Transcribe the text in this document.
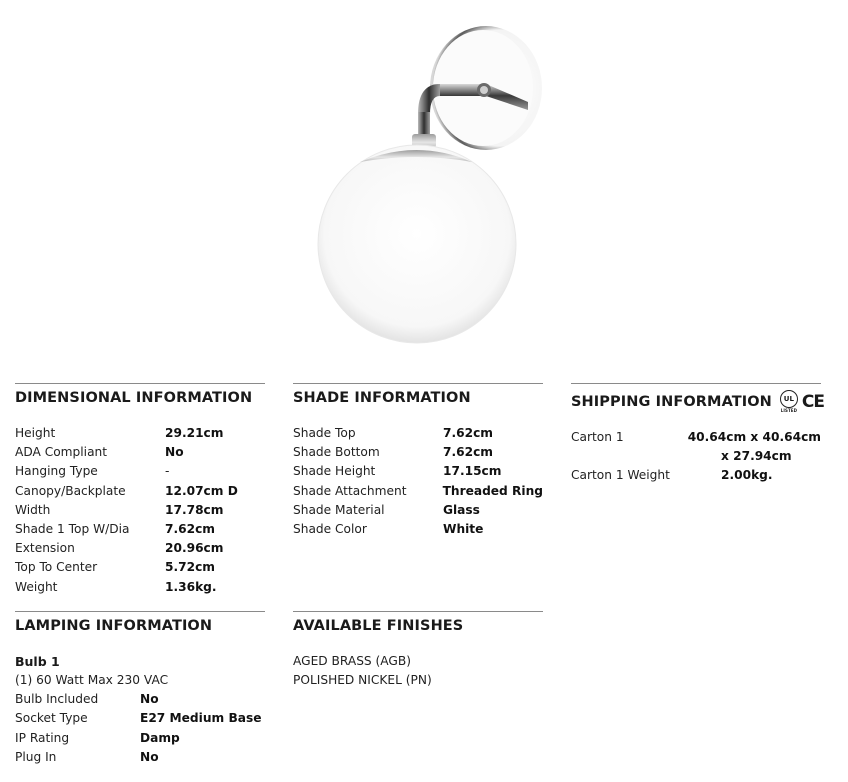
DIMENSIONAL INFORMATION
Height	29.21cm
ADA Compliant	No
Hanging Type	-
Canopy/Backplate	12.07cm D
Width	17.78cm
Shade 1 Top W/Dia	7.62cm
Extension	20.96cm
Top To Center	5.72cm
Weight	1.36kg.
SHADE INFORMATION
Shade Top	7.62cm
Shade Bottom	7.62cm
Shade Height	17.15cm
Shade Attachment	Threaded Ring
Shade Material	Glass
Shade Color	White
SHIPPING INFORMATION	UL
LISTED CE
Carton 1	40.64cm x 40.64cm
x 27.94cm
Carton 1 Weight	2.00kg.
LAMPING INFORMATION
Bulb 1
(1) 60 Watt Max 230 VAC
Bulb Included	No
Socket Type	E27 Medium Base
IP Rating	Damp
Plug In	No
AVAILABLE FINISHES
AGED BRASS (AGB)
POLISHED NICKEL (PN)
